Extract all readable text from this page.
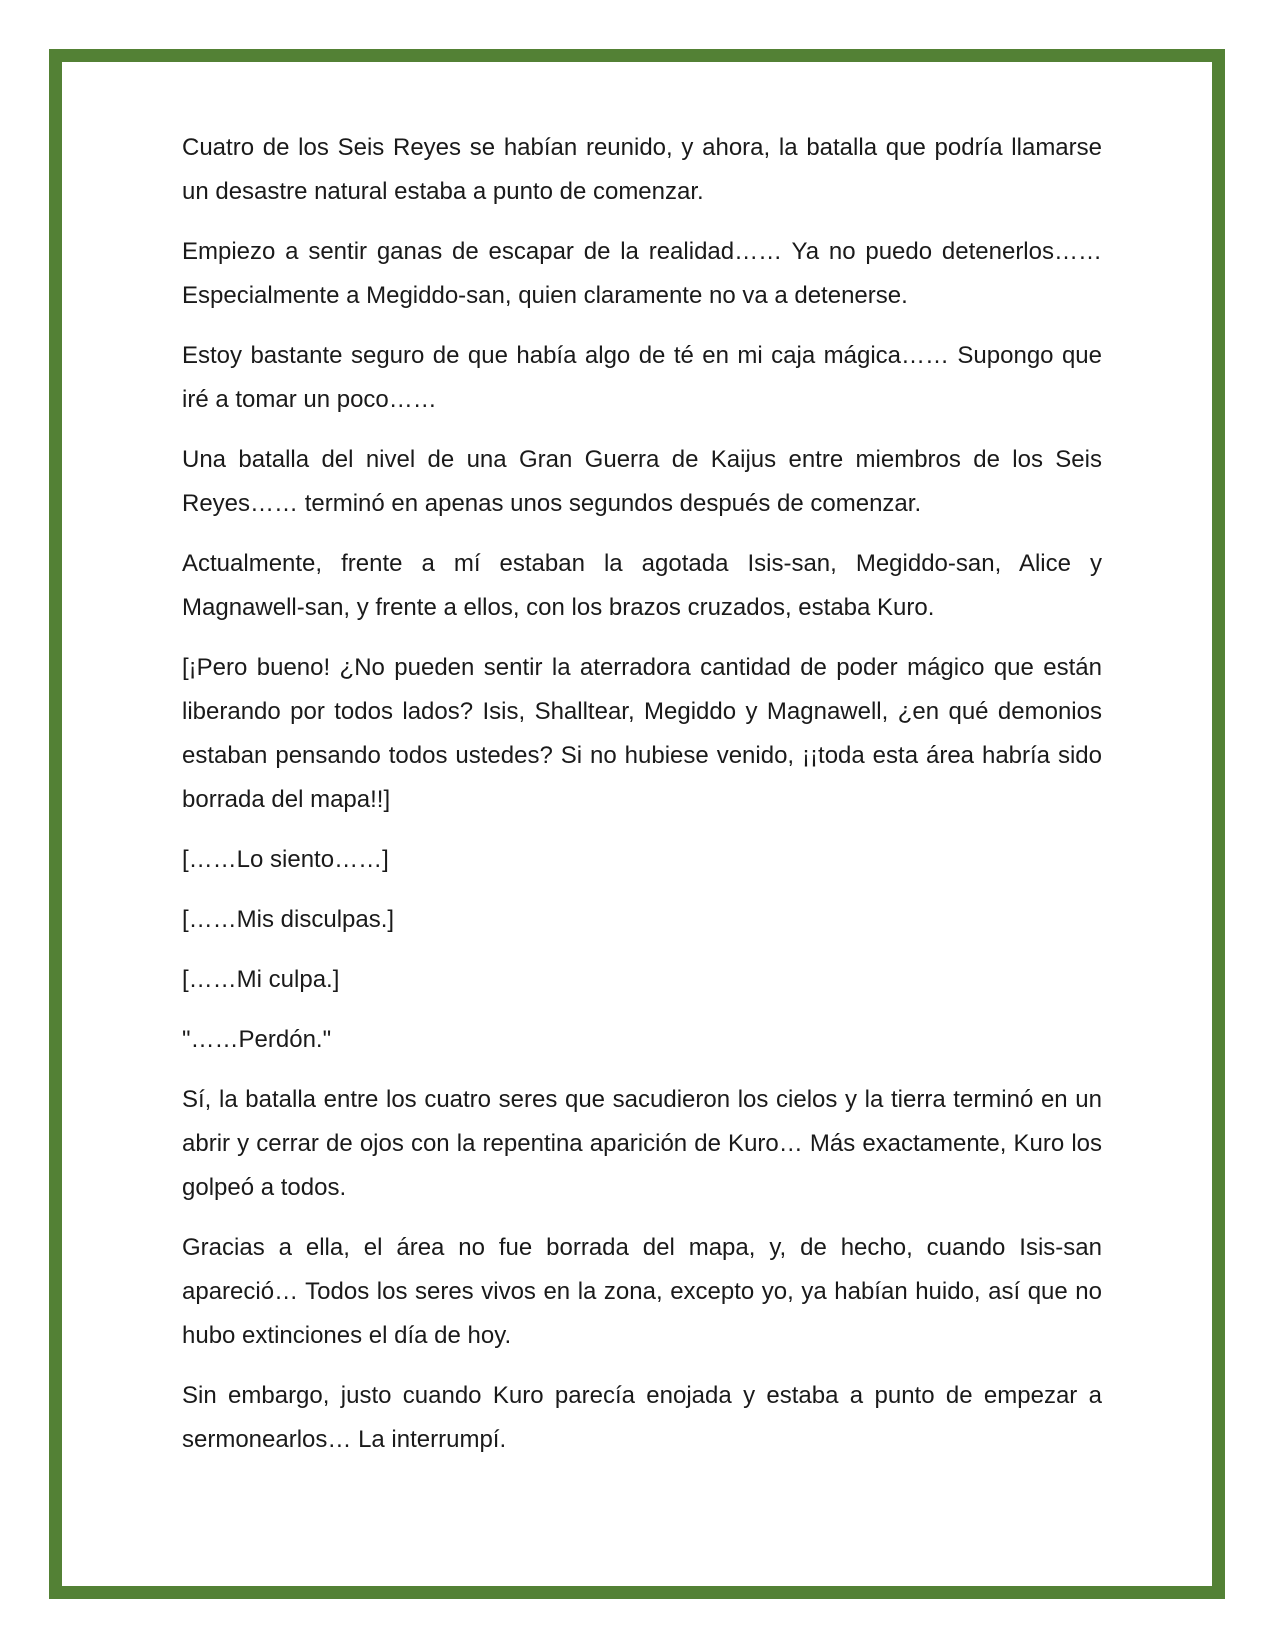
Cuatro de los Seis Reyes se habían reunido, y ahora, la batalla que podría llamarse un desastre natural estaba a punto de comenzar.

Empiezo a sentir ganas de escapar de la realidad…… Ya no puedo detenerlos…… Especialmente a Megiddo-san, quien claramente no va a detenerse.

Estoy bastante seguro de que había algo de té en mi caja mágica…… Supongo que iré a tomar un poco……

Una batalla del nivel de una Gran Guerra de Kaijus entre miembros de los Seis Reyes…… terminó en apenas unos segundos después de comenzar.

Actualmente, frente a mí estaban la agotada Isis-san, Megiddo-san, Alice y Magnawell-san, y frente a ellos, con los brazos cruzados, estaba Kuro.

[¡Pero bueno! ¿No pueden sentir la aterradora cantidad de poder mágico que están liberando por todos lados? Isis, Shalltear, Megiddo y Magnawell, ¿en qué demonios estaban pensando todos ustedes? Si no hubiese venido, ¡¡toda esta área habría sido borrada del mapa!!]

[……Lo siento……]

[……Mis disculpas.]

[……Mi culpa.]

"……Perdón."

Sí, la batalla entre los cuatro seres que sacudieron los cielos y la tierra terminó en un abrir y cerrar de ojos con la repentina aparición de Kuro… Más exactamente, Kuro los golpeó a todos.

Gracias a ella, el área no fue borrada del mapa, y, de hecho, cuando Isis-san apareció… Todos los seres vivos en la zona, excepto yo, ya habían huido, así que no hubo extinciones el día de hoy.

Sin embargo, justo cuando Kuro parecía enojada y estaba a punto de empezar a sermonearlos… La interrumpí.
